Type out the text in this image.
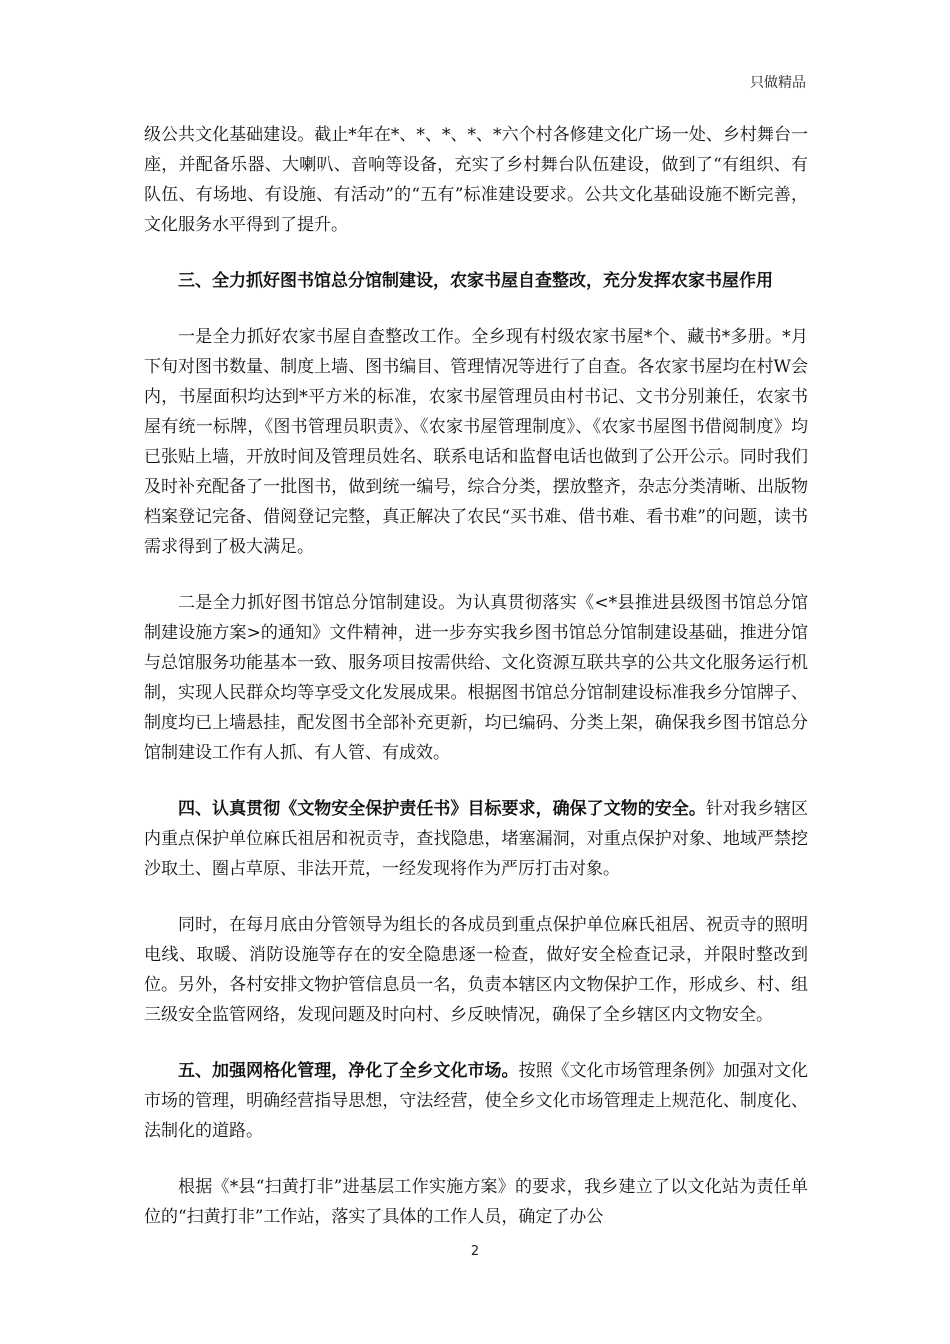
只做精品

级公共文化基础建设。截止*年在*、*、*、*、*六个村各修建文化广场一处、乡村舞台一座，并配备乐器、大喇叭、音响等设备，充实了乡村舞台队伍建设，做到了“有组织、有队伍、有场地、有设施、有活动”的“五有”标准建设要求。公共文化基础设施不断完善，文化服务水平得到了提升。

三、全力抓好图书馆总分馆制建设，农家书屋自查整改，充分发挥农家书屋作用

一是全力抓好农家书屋自查整改工作。全乡现有村级农家书屋*个、藏书*多册。*月下旬对图书数量、制度上墙、图书编目、管理情况等进行了自查。各农家书屋均在村W会内，书屋面积均达到*平方米的标准，农家书屋管理员由村书记、文书分别兼任，农家书屋有统一标牌，《图书管理员职责》、《农家书屋管理制度》、《农家书屋图书借阅制度》均已张贴上墙，开放时间及管理员姓名、联系电话和监督电话也做到了公开公示。同时我们及时补充配备了一批图书，做到统一编号，综合分类，摆放整齐，杂志分类清晰、出版物档案登记完备、借阅登记完整，真正解决了农民“买书难、借书难、看书难”的问题，读书需求得到了极大满足。

二是全力抓好图书馆总分馆制建设。为认真贯彻落实《<*县推进县级图书馆总分馆制建设施方案>的通知》文件精神，进一步夯实我乡图书馆总分馆制建设基础，推进分馆与总馆服务功能基本一致、服务项目按需供给、文化资源互联共享的公共文化服务运行机制，实现人民群众均等享受文化发展成果。根据图书馆总分馆制建设标准我乡分馆牌子、制度均已上墙悬挂，配发图书全部补充更新，均已编码、分类上架，确保我乡图书馆总分馆制建设工作有人抓、有人管、有成效。

四、认真贯彻《文物安全保护责任书》目标要求，确保了文物的安全。针对我乡辖区内重点保护单位麻氏祖居和祝贡寺，查找隐患，堵塞漏洞，对重点保护对象、地域严禁挖沙取土、圈占草原、非法开荒，一经发现将作为严厉打击对象。

同时，在每月底由分管领导为组长的各成员到重点保护单位麻氏祖居、祝贡寺的照明电线、取暖、消防设施等存在的安全隐患逐一检查，做好安全检查记录，并限时整改到位。另外，各村安排文物护管信息员一名，负责本辖区内文物保护工作，形成乡、村、组三级安全监管网络，发现问题及时向村、乡反映情况，确保了全乡辖区内文物安全。

五、加强网格化管理，净化了全乡文化市场。按照《文化市场管理条例》加强对文化市场的管理，明确经营指导思想，守法经营，使全乡文化市场管理走上规范化、制度化、法制化的道路。

根据《*县“扫黄打非”进基层工作实施方案》的要求，我乡建立了以文化站为责任单位的“扫黄打非”工作站，落实了具体的工作人员，确定了办公

2
